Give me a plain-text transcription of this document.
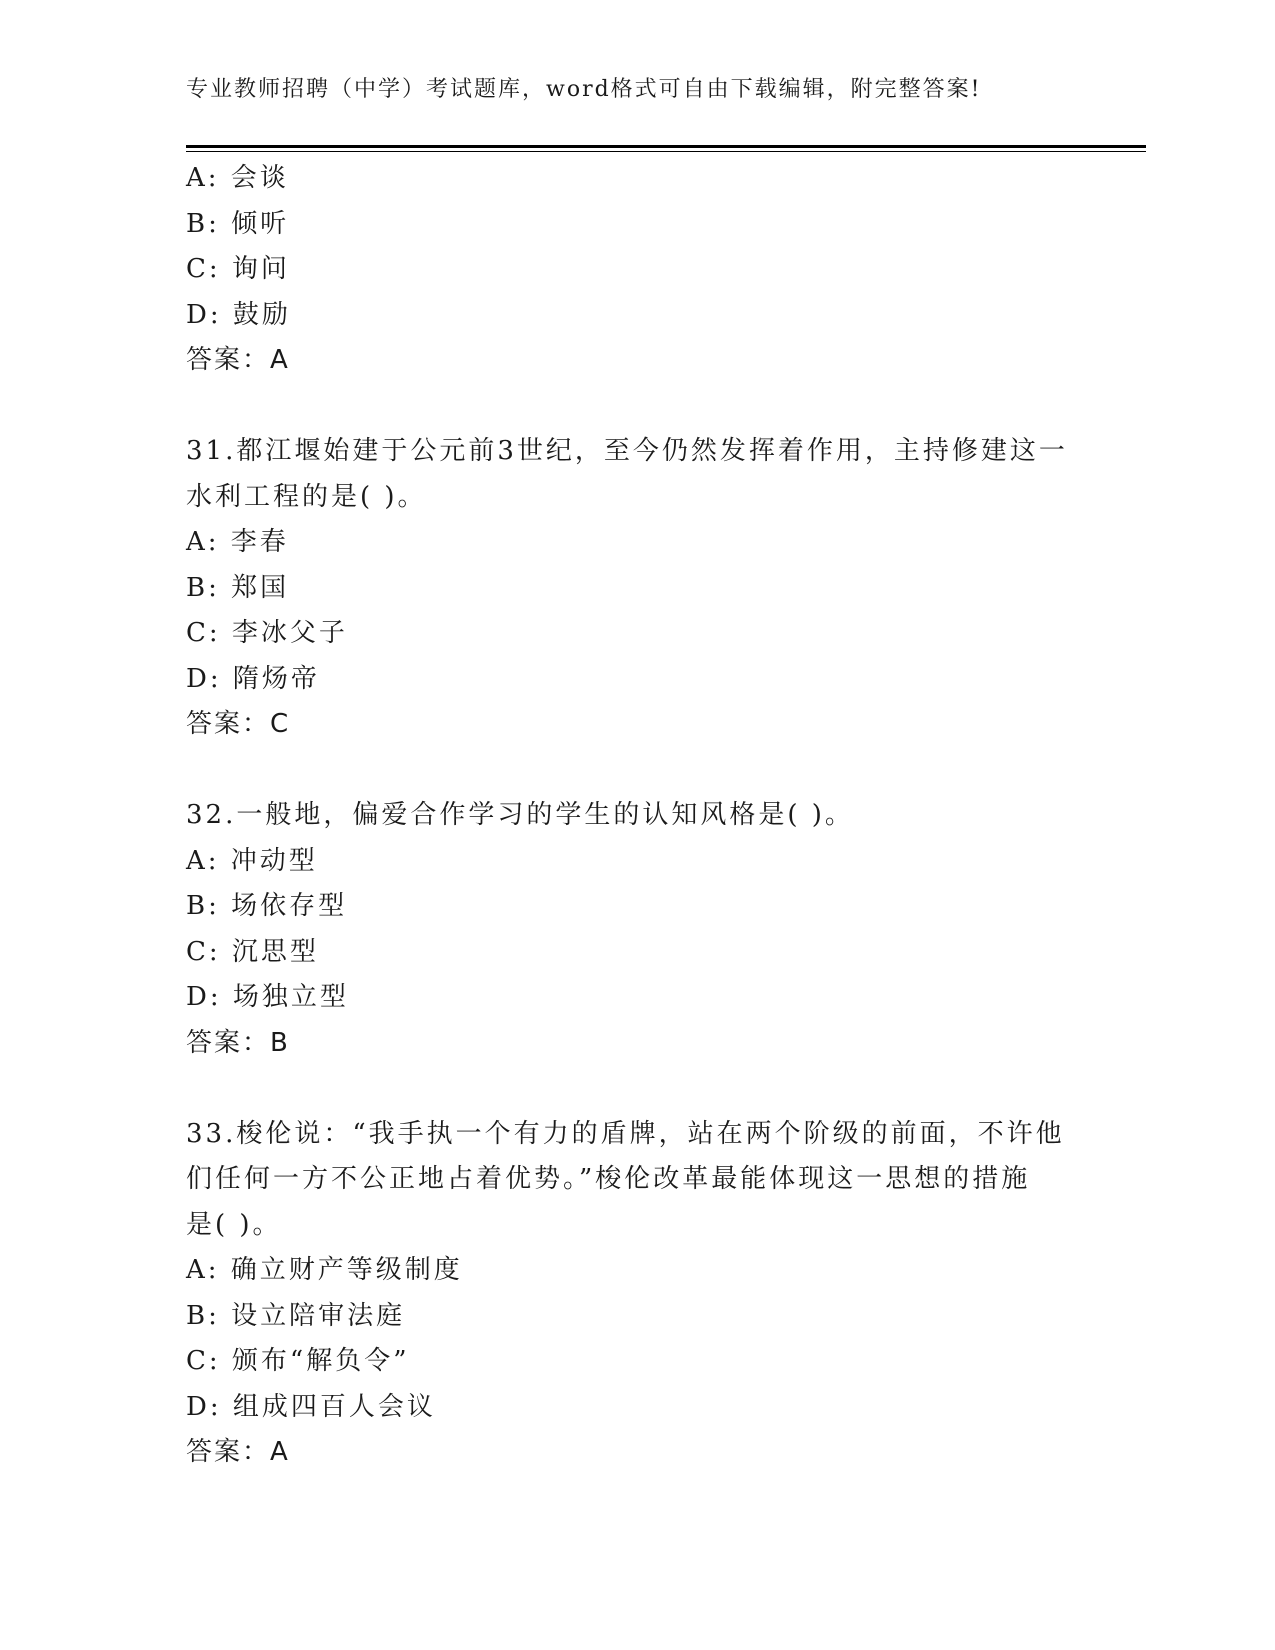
专业教师招聘（中学）考试题库，word格式可自由下载编辑，附完整答案!
A: 会谈
B: 倾听
C: 询问
D: 鼓励
答案：A
31.都江堰始建于公元前3世纪，至今仍然发挥着作用，主持修建这一
水利工程的是( )。
A: 李春
B: 郑国
C: 李冰父子
D: 隋炀帝
答案：C
32.一般地，偏爱合作学习的学生的认知风格是( )。
A: 冲动型
B: 场依存型
C: 沉思型
D: 场独立型
答案：B
33.梭伦说：“我手执一个有力的盾牌，站在两个阶级的前面，不许他
们任何一方不公正地占着优势。”梭伦改革最能体现这一思想的措施
是( )。
A: 确立财产等级制度
B: 设立陪审法庭
C: 颁布“解负令”
D: 组成四百人会议
答案：A
